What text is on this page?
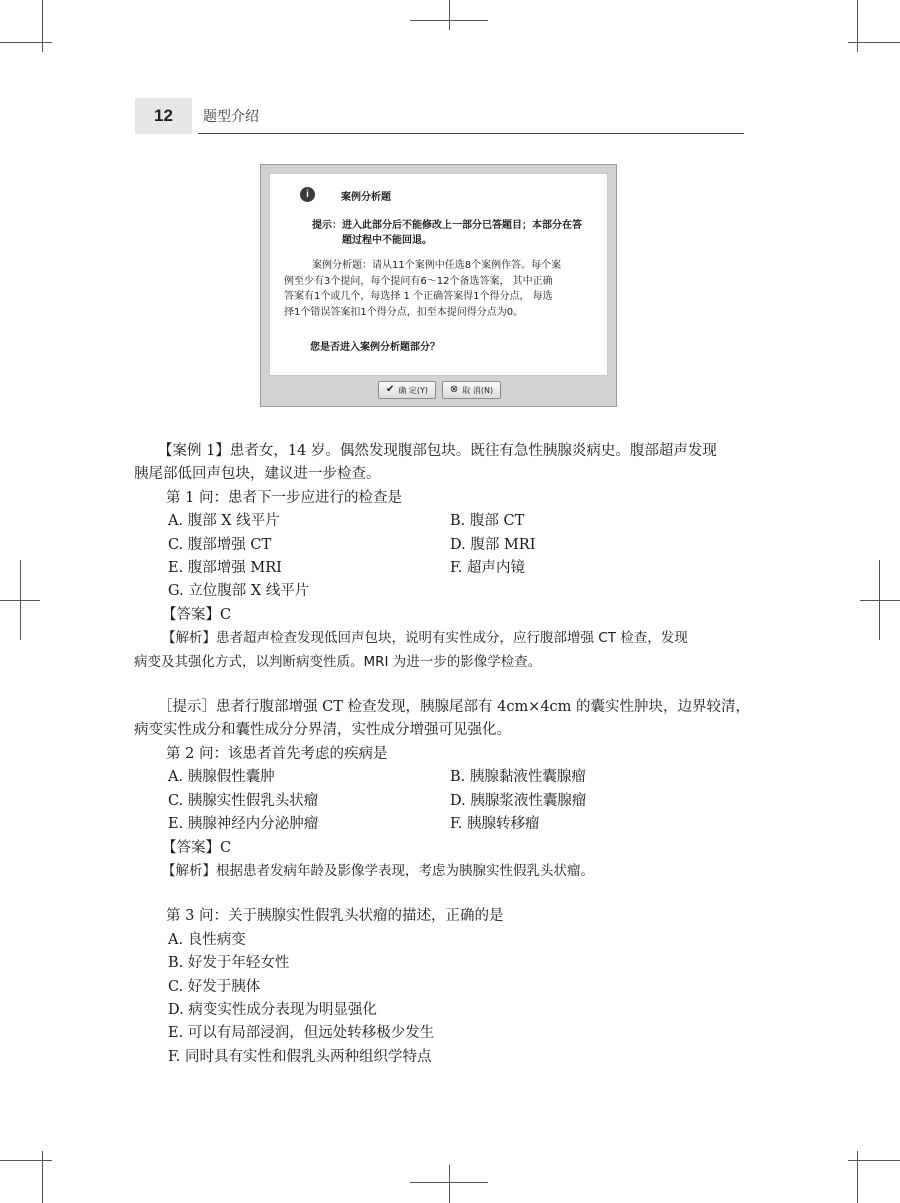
12	题型介绍
i	案例分析题
提示：进入此部分后不能修改上一部分已答题目；本部分在答
题过程中不能回退。
案例分析题：请从11个案例中任选8个案例作答。每个案
例至少有3个提问，每个提问有6～12个备选答案， 其中正确
答案有1个或几个，每选择 1 个正确答案得1个得分点， 每选
择1个错误答案扣1个得分点，扣至本提问得分点为0。
您是否进入案例分析题部分？
✔ 确 定(Y) ⊗ 取 消(N)
【案例 1】患者女，14 岁。偶然发现腹部包块。既往有急性胰腺炎病史。腹部超声发现
胰尾部低回声包块，建议进一步检查。
第 1 问：患者下一步应进行的检查是
A. 腹部 X 线平片	B. 腹部 CT
C. 腹部增强 CT	D. 腹部 MRI
E. 腹部增强 MRI	F. 超声内镜
G. 立位腹部 X 线平片
【答案】C
【解析】患者超声检查发现低回声包块，说明有实性成分，应行腹部增强 CT 检查，发现
病变及其强化方式，以判断病变性质。MRI 为进一步的影像学检查。
［提示］患者行腹部增强 CT 检查发现，胰腺尾部有 4cm×4cm 的囊实性肿块，边界较清，
病变实性成分和囊性成分分界清，实性成分增强可见强化。
第 2 问：该患者首先考虑的疾病是
A. 胰腺假性囊肿	B. 胰腺黏液性囊腺瘤
C. 胰腺实性假乳头状瘤	D. 胰腺浆液性囊腺瘤
E. 胰腺神经内分泌肿瘤	F. 胰腺转移瘤
【答案】C
【解析】根据患者发病年龄及影像学表现，考虑为胰腺实性假乳头状瘤。
第 3 问：关于胰腺实性假乳头状瘤的描述，正确的是
A. 良性病变
B. 好发于年轻女性
C. 好发于胰体
D. 病变实性成分表现为明显强化
E. 可以有局部浸润，但远处转移极少发生
F. 同时具有实性和假乳头两种组织学特点
